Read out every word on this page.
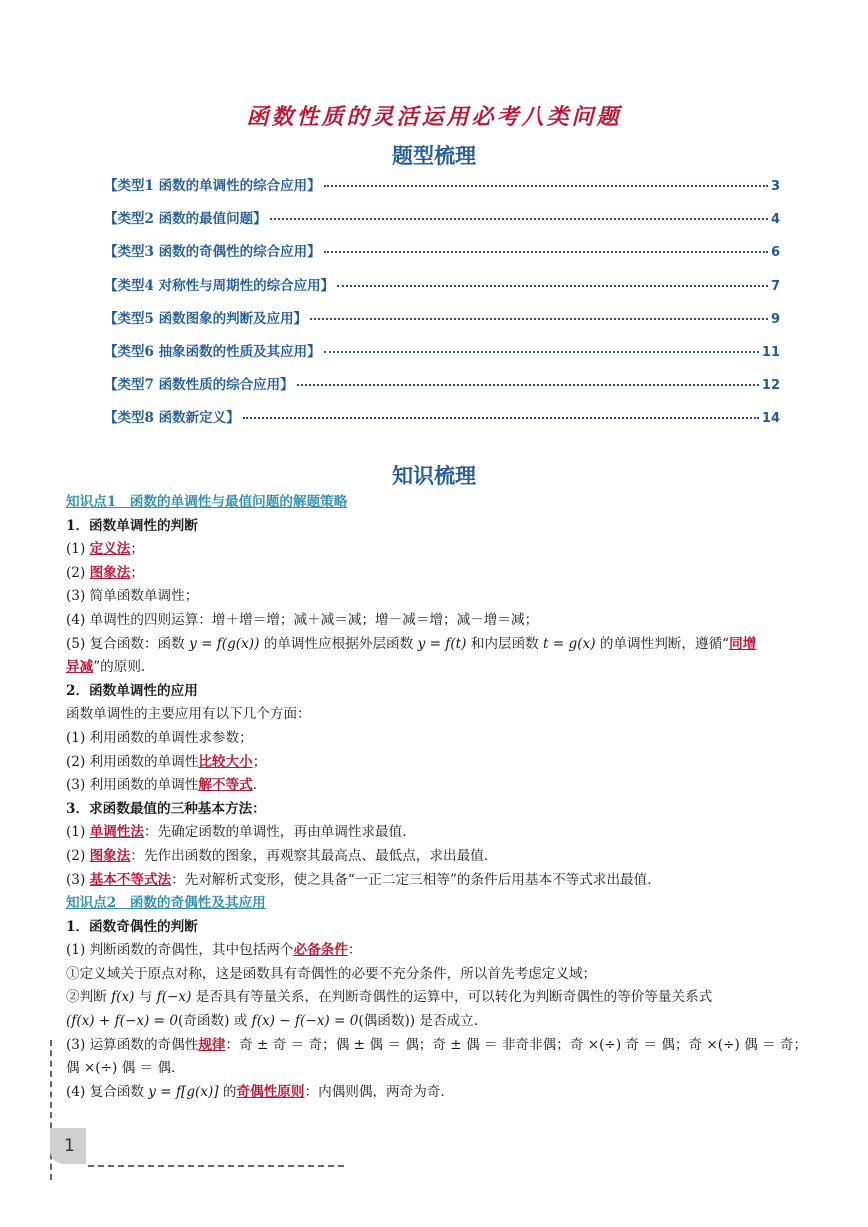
函数性质的灵活运用必考八类问题
题型梳理
【类型1 函数的单调性的综合应用】	3
【类型2 函数的最值问题】	4
【类型3 函数的奇偶性的综合应用】	6
【类型4 对称性与周期性的综合应用】	7
【类型5 函数图象的判断及应用】	9
【类型6 抽象函数的性质及其应用】	11
【类型7 函数性质的综合应用】	12
【类型8 函数新定义】	14
知识梳理
知识点1　函数的单调性与最值问题的解题策略
1．函数单调性的判断
(1) 定义法；
(2) 图象法；
(3) 简单函数单调性；
(4) 单调性的四则运算：增＋增＝增；减＋减＝减；增－减＝增；减－增＝减；
(5) 复合函数：函数 y = f(g(x)) 的单调性应根据外层函数 y = f(t) 和内层函数 t = g(x) 的单调性判断，遵循“同增
异减”的原则.
2．函数单调性的应用
函数单调性的主要应用有以下几个方面：
(1) 利用函数的单调性求参数；
(2) 利用函数的单调性比较大小；
(3) 利用函数的单调性解不等式.
3．求函数最值的三种基本方法：
(1) 单调性法：先确定函数的单调性，再由单调性求最值.
(2) 图象法：先作出函数的图象，再观察其最高点、最低点，求出最值.
(3) 基本不等式法：先对解析式变形，使之具备“一正二定三相等”的条件后用基本不等式求出最值.
知识点2　函数的奇偶性及其应用
1．函数奇偶性的判断
(1) 判断函数的奇偶性，其中包括两个必备条件：
①定义域关于原点对称，这是函数具有奇偶性的必要不充分条件，所以首先考虑定义域；
②判断 f(x) 与 f(−x) 是否具有等量关系，在判断奇偶性的运算中，可以转化为判断奇偶性的等价等量关系式
(f(x) + f(−x) = 0(奇函数) 或 f(x) − f(−x) = 0(偶函数)) 是否成立.
(3) 运算函数的奇偶性规律：奇 ± 奇 ＝ 奇；偶 ± 偶 ＝ 偶；奇 ± 偶 ＝ 非奇非偶；奇 ×(÷) 奇 ＝ 偶；奇 ×(÷) 偶 ＝ 奇；
偶 ×(÷) 偶 ＝ 偶.
(4) 复合函数 y = f[g(x)] 的奇偶性原则：内偶则偶，两奇为奇.
1
